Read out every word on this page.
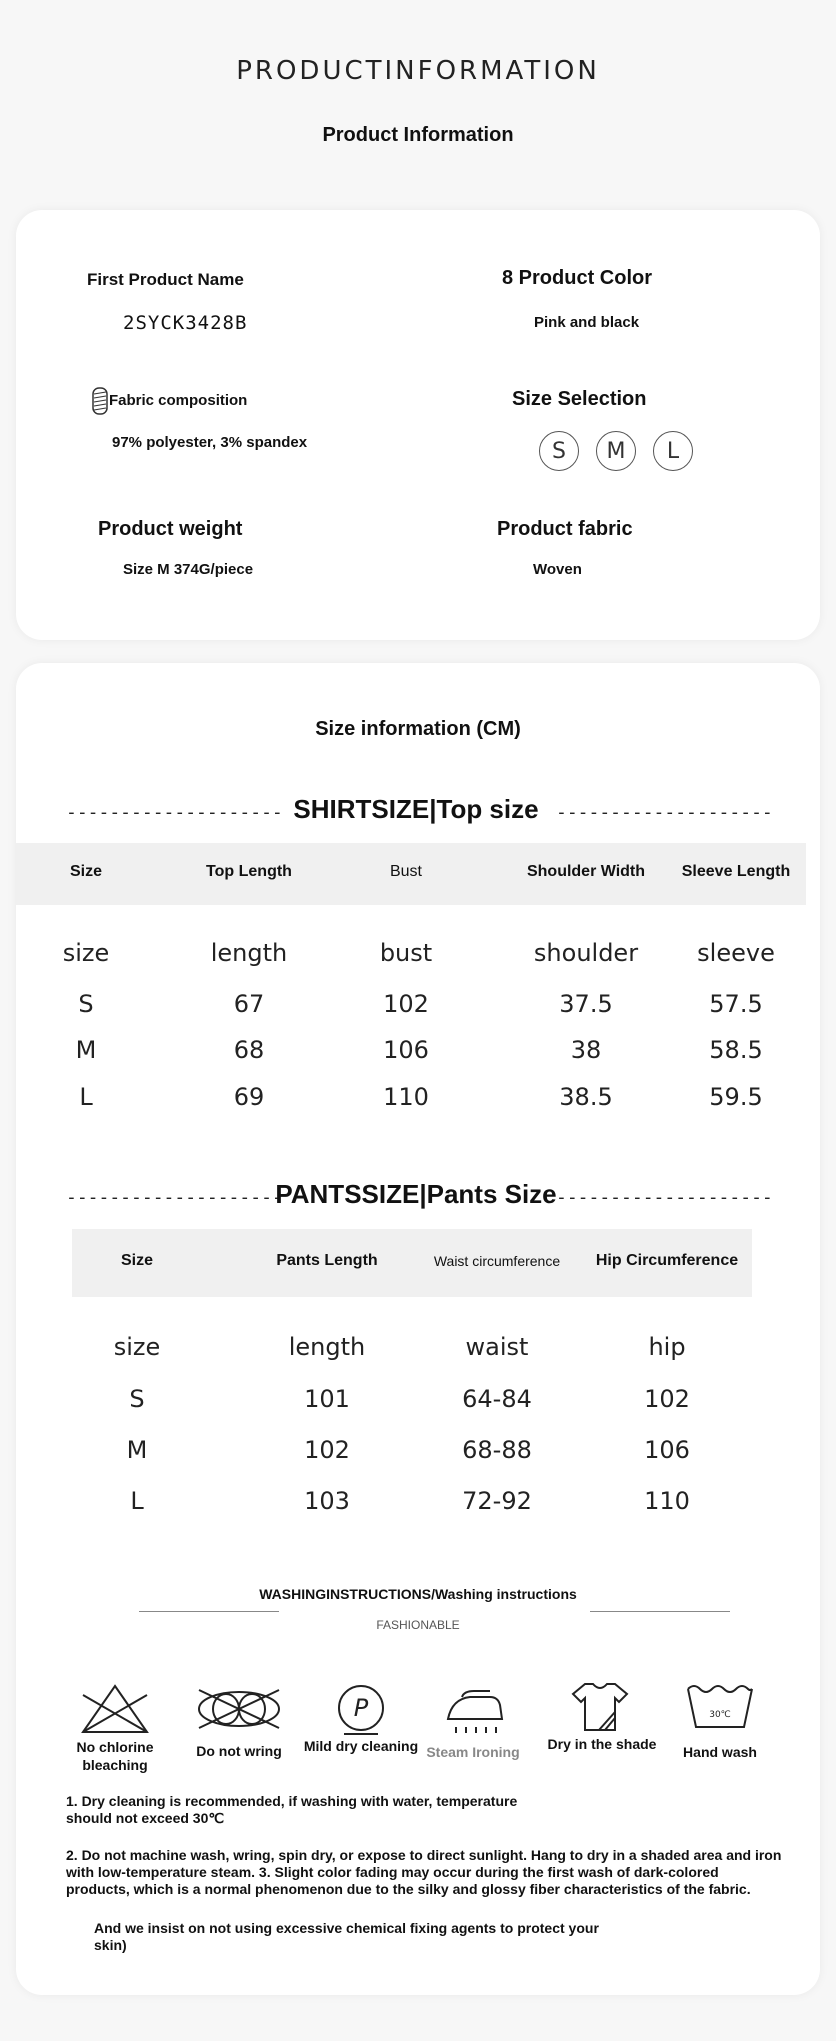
PRODUCTINFORMATION
Product Information
First Product Name
2SYCK3428B
8 Product Color
Pink and black
Fabric composition
97% polyester, 3% spandex
Size Selection
S	M	L
Product weight
Size M 374G/piece
Product fabric
Woven
Size information (CM)
-------------------- SHIRTSIZE|Top size --------------------
Size	Top Length	Bust	Shoulder Width	Sleeve Length
size	length	bust	shoulder	sleeve
S	67	102	37.5	57.5
M	68	106	38	58.5
L	69	110	38.5	59.5
--------------------
PANTSSIZE|Pants Size --------------------
Size	Pants Length	Waist circumference	Hip Circumference
size	length	waist	hip
S	101	64-84	102
M	102	68-88	106
L	103	72-92	110
WASHINGINSTRUCTIONS/Washing instructions
FASHIONABLE
No chlorine bleaching
Do not wring
P
Mild dry cleaning Steam Ironing	Dry in the shade
30℃
Hand wash
1. Dry cleaning is recommended, if washing with water, temperature should not exceed 30℃
2. Do not machine wash, wring, spin dry, or expose to direct sunlight. Hang to dry in a shaded area and iron with low-temperature steam. 3. Slight color fading may occur during the first wash of dark-colored products, which is a normal phenomenon due to the silky and glossy fiber characteristics of the fabric.
And we insist on not using excessive chemical fixing agents to protect your skin)
